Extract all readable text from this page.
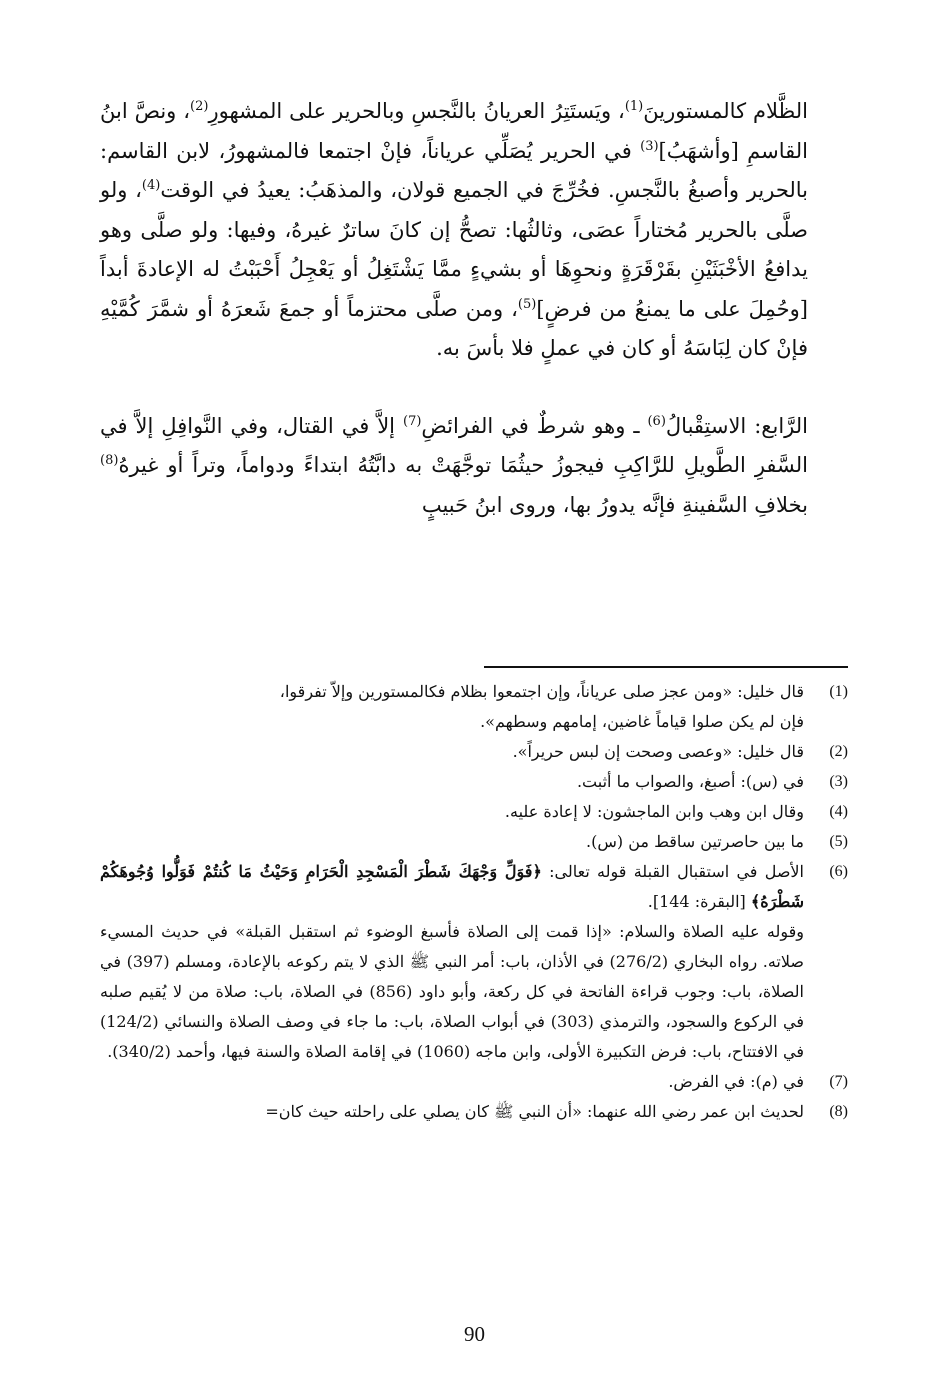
الظَّلام كالمستورينَ$^{(1)}$، ويَستَتِرُ العريانُ بالنَّجسِ وبالحرير على المشهورِ$^{(2)}$، ونصَّ ابنُ القاسمِ [وأشهَبُ]$^{(3)}$ في الحرير يُصَلِّي عرياناً، فإنْ اجتمعا فالمشهورُ، لابن القاسم: بالحرير وأصبغُ بالنَّجسِ. فخُرِّجَ في الجميع قولان، والمذهَبُ: يعيدُ في الوقت$^{(4)}$، ولو صلَّى بالحرير مُختاراً عصَى، وثالثُها: تصحُّ إن كانَ ساترٌ غيرهُ، وفيها: ولو صلَّى وهو يدافعُ الأخْبَثَيْنِ بقَرْقَرَةٍ ونحوِهَا أو بشيءٍ ممَّا يَشْتَغِلُ أو يَعْجِلُ أَحْبَبْتُ له الإعادةَ أبداً [وحُمِلَ على ما يمنعُ من فرضٍ]$^{(5)}$، ومن صلَّى محتزماً أو جمعَ شَعرَهُ أو شمَّرَ كُمَّيْهِ فإنْ كان لِبَاسَهُ أو كان في عملٍ فلا بأسَ به.

الرَّابع: الاستِقْبالُ$^{(6)}$ ـ وهو شرطٌ في الفرائضِ$^{(7)}$ إلاَّ في القتال، وفي النَّوافِلِ إلاَّ في السَّفرِ الطَّويلِ للرَّاكِبِ فيجوزُ حيثُمَا توجَّهَتْ به دابَّتُهُ ابتداءً ودواماً، وتراً أو غيرهُ$^{(8)}$ بخلافِ السَّفينةِ فإنَّه يدورُ بها، وروى ابنُ حَبيبٍ

(1)
قال خليل: «ومن عجز صلى عرياناً، وإن اجتمعوا بظلام فكالمستورين وإلاّ تفرقوا،
فإن لم يكن صلوا قياماً غاضين، إمامهم وسطهم».
(2)
قال خليل: «وعصى وصحت إن لبس حريراً».
(3)
في (س): أصبغ، والصواب ما أثبت.
(4)
وقال ابن وهب وابن الماجشون: لا إعادة عليه.
(5)
ما بين حاصرتين ساقط من (س).
(6)
الأصل في استقبال القبلة قوله تعالى: ﴿فَوَلِّ وَجْهَكَ شَطْرَ الْمَسْجِدِ الْحَرَامِ وَحَيْثُ مَا كُنتُمْ فَوَلُّوا وُجُوهَكُمْ شَطْرَهُ﴾ [البقرة: 144].
وقوله عليه الصلاة والسلام: «إذا قمت إلى الصلاة فأسبغ الوضوء ثم استقبل القبلة» في حديث المسيء صلاته. رواه البخاري (276/2) في الأذان، باب: أمر النبي ﷺ الذي لا يتم ركوعه بالإعادة، ومسلم (397) في الصلاة، باب: وجوب قراءة الفاتحة في كل ركعة، وأبو داود (856) في الصلاة، باب: صلاة من لا يُقيم صلبه في الركوع والسجود، والترمذي (303) في أبواب الصلاة، باب: ما جاء في وصف الصلاة والنسائي (124/2) في الافتتاح، باب: فرض التكبيرة الأولى، وابن ماجه (1060) في إقامة الصلاة والسنة فيها، وأحمد (340/2).
(7)
في (م): في الفرض.
(8)
لحديث ابن عمر رضي الله عنهما: «أن النبي ﷺ كان يصلي على راحلته حيث كان=
90
